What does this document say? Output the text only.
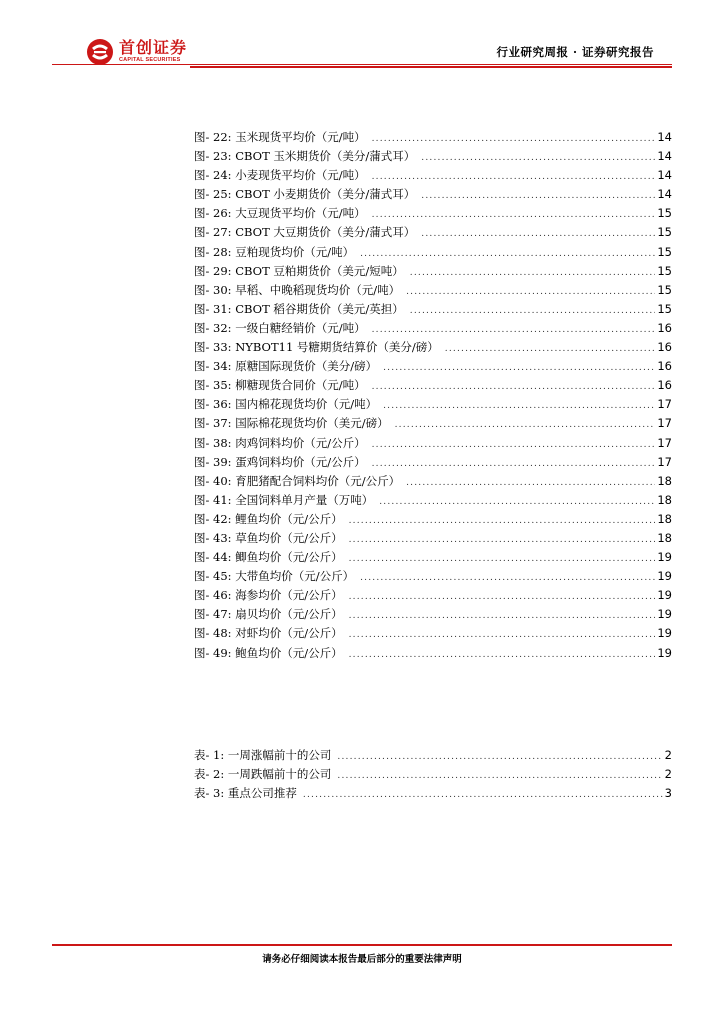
首创证券
CAPITAL SECURITIES
行业研究周报 · 证券研究报告
图- 22: 玉米现货平均价（元/吨） .....	14
图- 23: CBOT 玉米期货价（美分/蒲式耳） .....	14
图- 24: 小麦现货平均价（元/吨） .....	14
图- 25: CBOT 小麦期货价（美分/蒲式耳） .....	14
图- 26: 大豆现货平均价（元/吨） .....	15
图- 27: CBOT 大豆期货价（美分/蒲式耳） .....	15
图- 28: 豆粕现货均价（元/吨） .....	15
图- 29: CBOT 豆粕期货价（美元/短吨） .....	15
图- 30: 早稻、中晚稻现货均价（元/吨） .....	15
图- 31: CBOT 稻谷期货价（美元/英担） .....	15
图- 32: 一级白糖经销价（元/吨） .....	16
图- 33: NYBOT11 号糖期货结算价（美分/磅） .....	16
图- 34: 原糖国际现货价（美分/磅） .....	16
图- 35: 柳糖现货合同价（元/吨） .....	16
图- 36: 国内棉花现货均价（元/吨） .....	17
图- 37: 国际棉花现货均价（美元/磅） .....	17
图- 38: 肉鸡饲料均价（元/公斤） .....	17
图- 39: 蛋鸡饲料均价（元/公斤） .....	17
图- 40: 育肥猪配合饲料均价（元/公斤） .....	18
图- 41: 全国饲料单月产量（万吨） .....	18
图- 42: 鲤鱼均价（元/公斤） .....	18
图- 43: 草鱼均价（元/公斤） .....	18
图- 44: 鲫鱼均价（元/公斤） .....	19
图- 45: 大带鱼均价（元/公斤） .....	19
图- 46: 海参均价（元/公斤） .....	19
图- 47: 扇贝均价（元/公斤） .....	19
图- 48: 对虾均价（元/公斤） .....	19
图- 49: 鲍鱼均价（元/公斤） .....	19
表- 1: 一周涨幅前十的公司 .....	2
表- 2: 一周跌幅前十的公司 .....	2
表- 3: 重点公司推荐 .....	3
请务必仔细阅读本报告最后部分的重要法律声明
